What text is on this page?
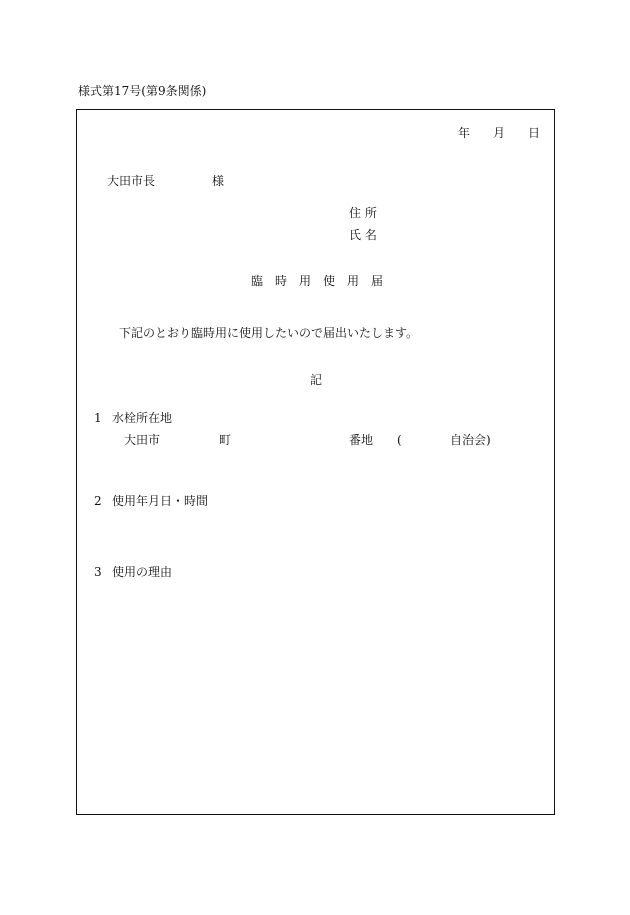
様式第17号(第9条関係)
年 月 日
大田市長	様
住 所
氏 名
臨 時 用 使 用 届
下記のとおり臨時用に使用したいので届出いたします。
記
1 水栓所在地
大田市	町	番地 (	自治会)
2 使用年月日・時間
3 使用の理由
